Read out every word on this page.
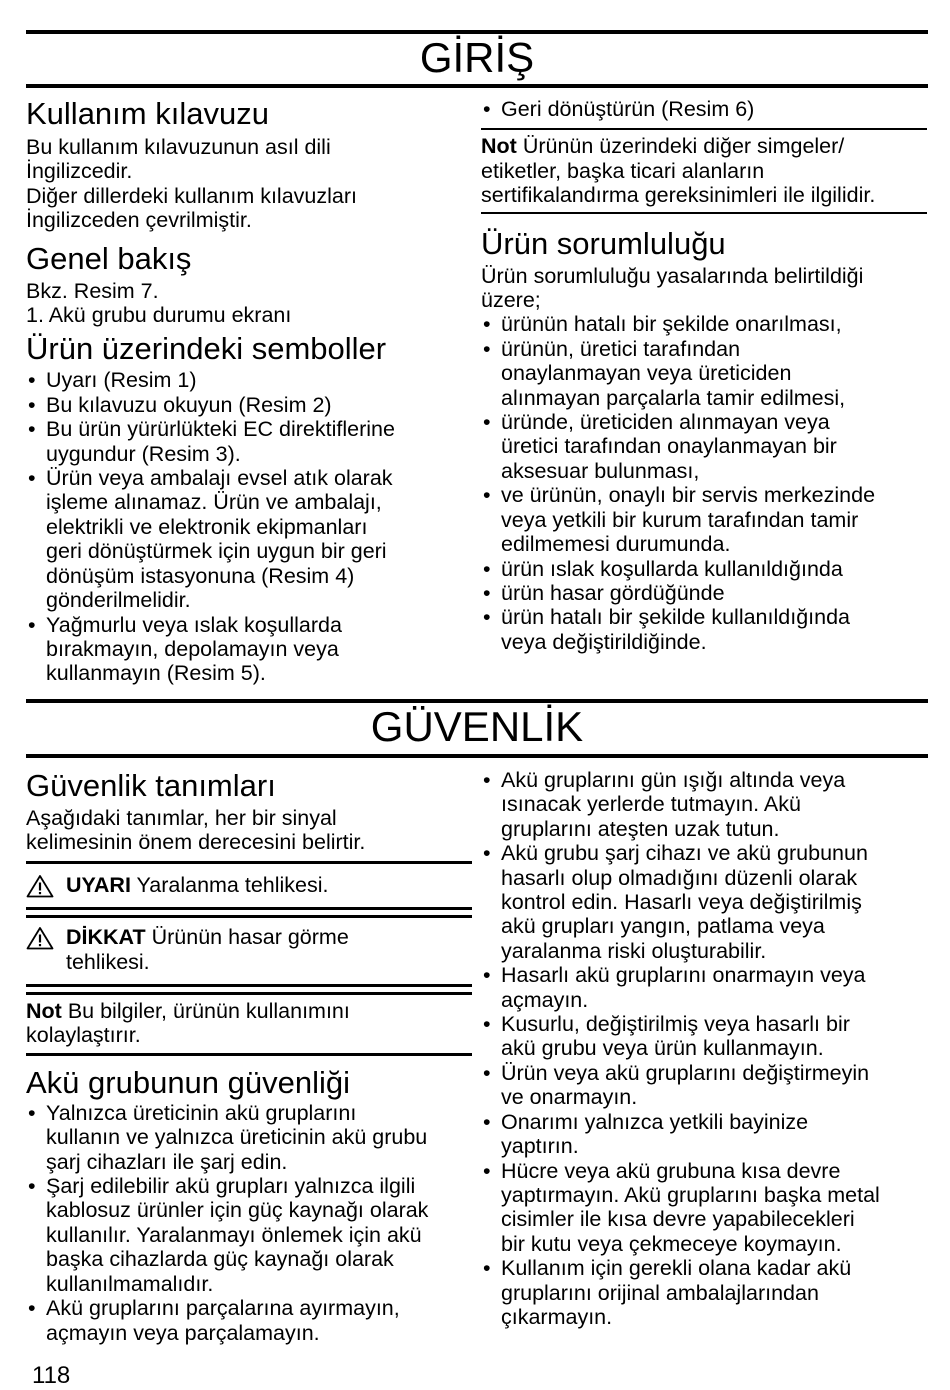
GİRİŞ
Kullanım kılavuzu

Bu kullanım kılavuzunun asıl dili
İngilizcedir.
Diğer dillerdeki kullanım kılavuzları
İngilizceden çevrilmiştir.

Genel bakış

Bkz. Resim 7.
1. Akü grubu durumu ekranı

Ürün üzerindeki semboller
• Uyarı (Resim 1)
• Bu kılavuzu okuyun (Resim 2)
• Bu ürün yürürlükteki EC direktiflerine
uygundur (Resim 3).
• Ürün veya ambalajı evsel atık olarak
işleme alınamaz. Ürün ve ambalajı,
elektrikli ve elektronik ekipmanları
geri dönüştürmek için uygun bir geri
dönüşüm istasyonuna (Resim 4)
gönderilmelidir.
• Yağmurlu veya ıslak koşullarda
bırakmayın, depolamayın veya
kullanmayın (Resim 5).
• Geri dönüştürün (Resim 6)

Not Ürünün üzerindeki diğer simgeler/
etiketler, başka ticari alanların
sertifikalandırma gereksinimleri ile ilgilidir.

Ürün sorumluluğu

Ürün sorumluluğu yasalarında belirtildiği
üzere;

• ürünün hatalı bir şekilde onarılması,
• ürünün, üretici tarafından
onaylanmayan veya üreticiden
alınmayan parçalarla tamir edilmesi,
• üründe, üreticiden alınmayan veya
üretici tarafından onaylanmayan bir
aksesuar bulunması,
• ve ürünün, onaylı bir servis merkezinde
veya yetkili bir kurum tarafından tamir
edilmemesi durumunda.
• ürün ıslak koşullarda kullanıldığında
• ürün hasar gördüğünde
• ürün hatalı bir şekilde kullanıldığında
veya değiştirildiğinde.
GÜVENLİK
Güvenlik tanımları

Aşağıdaki tanımlar, her bir sinyal
kelimesinin önem derecesini belirtir.

UYARI Yaralanma tehlikesi.
DİKKAT Ürünün hasar görme
tehlikesi.

Not Bu bilgiler, ürünün kullanımını
kolaylaştırır.

Akü grubunun güvenliği
• Yalnızca üreticinin akü gruplarını
kullanın ve yalnızca üreticinin akü grubu
şarj cihazları ile şarj edin.
• Şarj edilebilir akü grupları yalnızca ilgili
kablosuz ürünler için güç kaynağı olarak
kullanılır. Yaralanmayı önlemek için akü
başka cihazlarda güç kaynağı olarak
kullanılmamalıdır.
• Akü gruplarını parçalarına ayırmayın,
açmayın veya parçalamayın.
• Akü gruplarını gün ışığı altında veya
ısınacak yerlerde tutmayın. Akü
gruplarını ateşten uzak tutun.
• Akü grubu şarj cihazı ve akü grubunun
hasarlı olup olmadığını düzenli olarak
kontrol edin. Hasarlı veya değiştirilmiş
akü grupları yangın, patlama veya
yaralanma riski oluşturabilir.
• Hasarlı akü gruplarını onarmayın veya
açmayın.
• Kusurlu, değiştirilmiş veya hasarlı bir
akü grubu veya ürün kullanmayın.
• Ürün veya akü gruplarını değiştirmeyin
ve onarmayın.
• Onarımı yalnızca yetkili bayinize
yaptırın.
• Hücre veya akü grubuna kısa devre
yaptırmayın. Akü gruplarını başka metal
cisimler ile kısa devre yapabilecekleri
bir kutu veya çekmeceye koymayın.
• Kullanım için gerekli olana kadar akü
gruplarını orijinal ambalajlarından
çıkarmayın.
118
